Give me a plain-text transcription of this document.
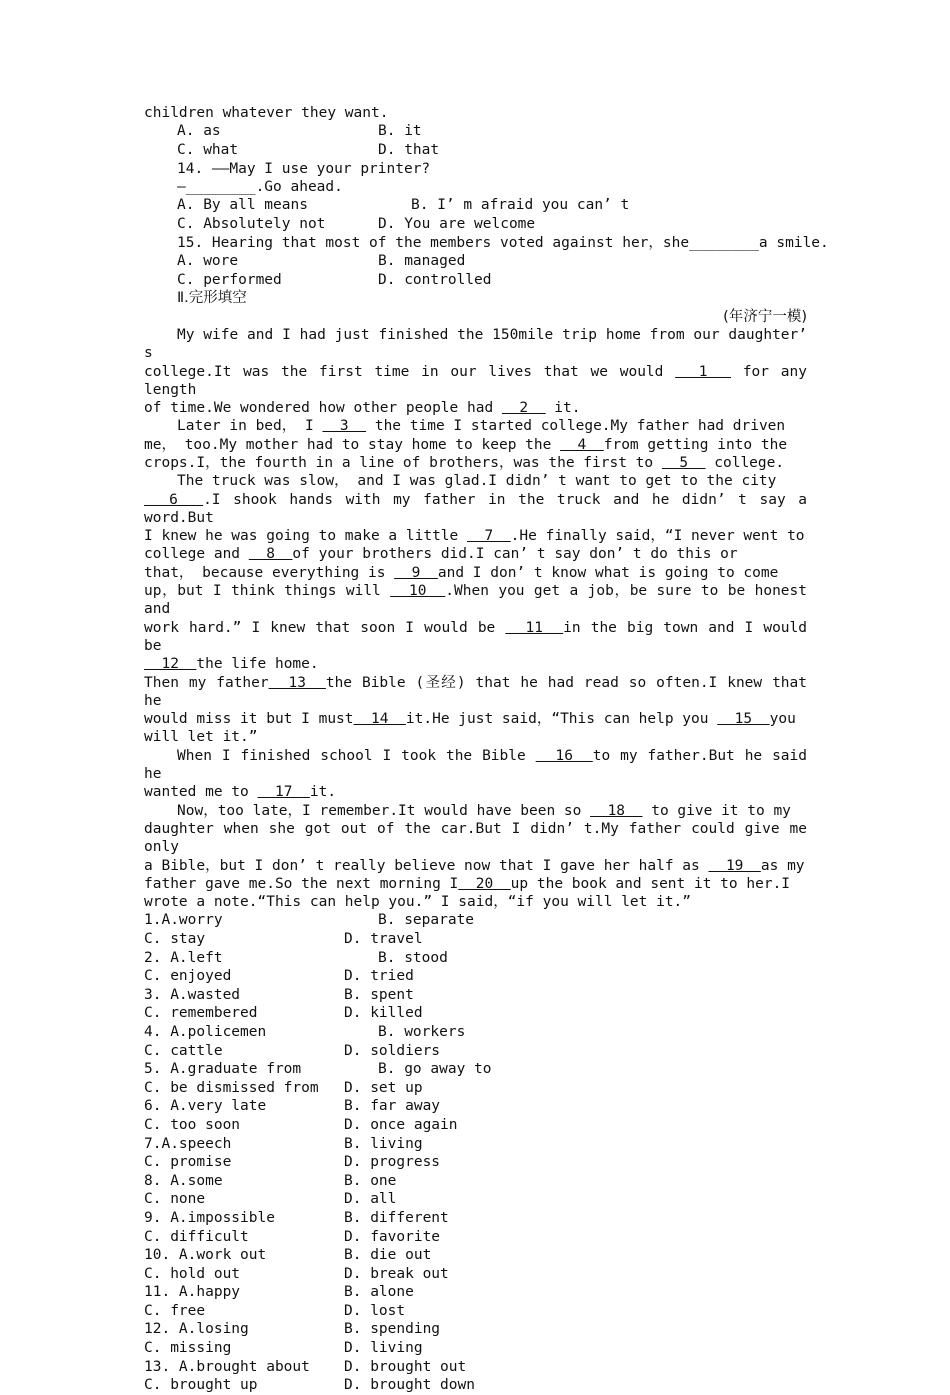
children whatever they want.

A. as

	B. it

C. what

	D. that

14. ——May I use your printer?
—________.Go ahead.

A. By all means

	B. I’ m afraid you can’ t

C. Absolutely not

	D. You are welcome

15. Hearing that most of the members voted against her，she________a smile.

A. wore

	B. managed

C. performed

	D. controlled

Ⅱ.完形填空
(年济宁一模)

My wife and I had just finished the 150mile trip home from our daughter’ s

college.It was the first time in our lives that we would   1   for any length

of time.We wondered how other people had   2   it.

Later in bed， I   3   the time I started college.My father had driven

me， too.My mother had to stay home to keep the   4  from getting into the

crops.I，the fourth in a line of brothers，was the first to   5   college.

The truck was slow， and I was glad.I didn’ t want to get to the city

6  .I shook hands with my father in the truck and he didn’ t say a word.But

I knew he was going to make a little   7  .He finally said，“I never went to

college and   8  of your brothers did.I can’ t say don’ t do this or

that， because everything is   9  and I don’ t know what is going to come

up，but I think things will   10  .When you get a job，be sure to be honest and

work hard.” I knew that soon I would be   11  in the big town and I would be

12  the life home.

Then my father  13  the Bible (圣经) that he had read so often.I knew that he

would miss it but I must  14  it.He just said，“This can help you   15  you

will let it.”

When I finished school I took the Bible   16  to my father.But he said he

wanted me to   17  it.

Now，too late，I remember.It would have been so   18   to give it to my

daughter when she got out of the car.But I didn’ t.My father could give me only

a Bible，but I don’ t really believe now that I gave her half as   19  as my

father gave me.So the next morning I  20  up the book and sent it to her.I

wrote a note.“This can help you.” I said，“if you will let it.”

1.A.worry	B. separate
C. stay	D. travel
2. A.left	B. stood
C. enjoyed	D. tried
3. A.wasted	B. spent
C. remembered	D. killed
4. A.policemen	B. workers
C. cattle	D. soldiers
5. A.graduate from	B. go away to
C. be dismissed from D. set up
6. A.very late	B. far away
C. too soon	D. once again
7.A.speech	B. living
C. promise	D. progress
8. A.some	B. one
C. none	D. all
9. A.impossible	B. different
C. difficult	D. favorite
10. A.work out	B. die out
C. hold out	D. break out
11. A.happy	B. alone
C. free	D. lost
12. A.losing	B. spending
C. missing	D. living
13. A.brought about D. brought out
C. brought up	D. brought down
